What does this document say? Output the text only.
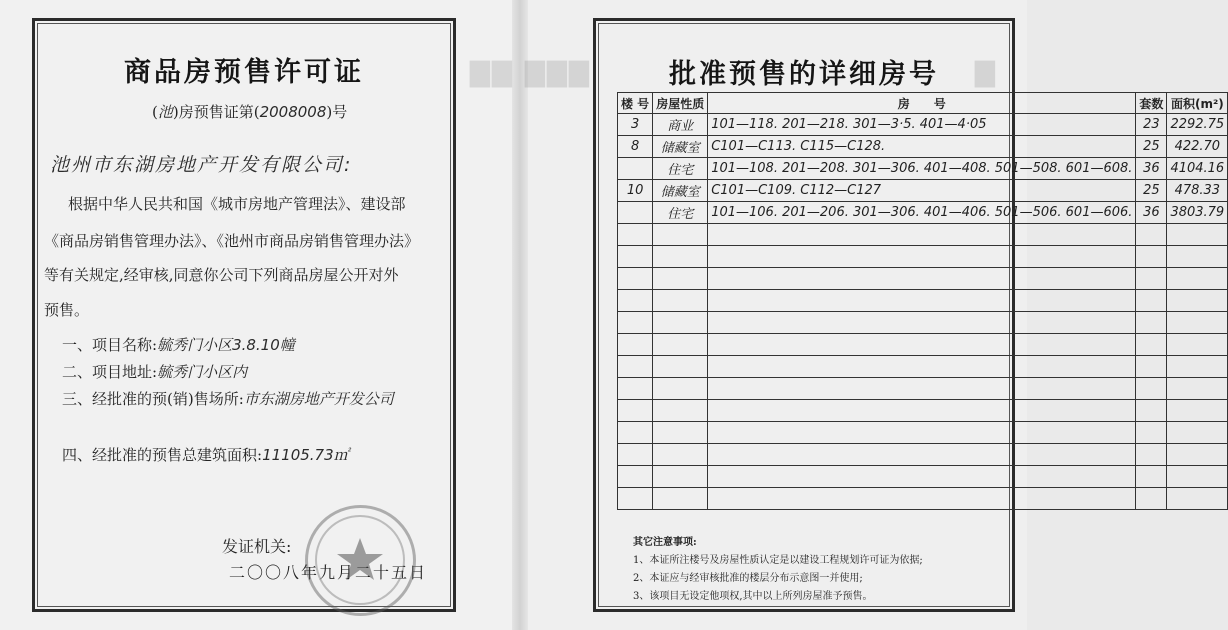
▇▇ ▇▇▇	▇
商品房预售许可证
(池)房预售证第(2008008)号
池州市东湖房地产开发有限公司:
根据中华人民共和国《城市房地产管理法》、建设部
《商品房销售管理办法》、《池州市商品房销售管理办法》
等有关规定,经审核,同意你公司下列商品房屋公开对外
预售。
一、项目名称:毓秀门小区3.8.10幢
二、项目地址:毓秀门小区内
三、经批准的预(销)售场所:市东湖房地产开发公司
四、经批准的预售总建筑面积:11105.73㎡
发证机关:
二〇〇八年九月二十五日
批准预售的详细房号
楼 号	房屋性质	房　　号	套数	面积(m²)
3	商业	101—118. 201—218. 301—3·5. 401—4·05	23	2292.75
8	储藏室	C101—C113. C115—C128.	25	422.70
	住宅	101—108. 201—208. 301—306. 401—408. 501—508. 601—608.	36	4104.16
10	储藏室	C101—C109. C112—C127	25	478.33
	住宅	101—106. 201—206. 301—306. 401—406. 501—506. 601—606.	36	3803.79

其它注意事项:
1、本证所注楼号及房屋性质认定是以建设工程规划许可证为依据;
2、本证应与经审核批准的楼层分布示意图一并使用;
3、该项目无设定他项权,其中以上所列房屋准予预售。
